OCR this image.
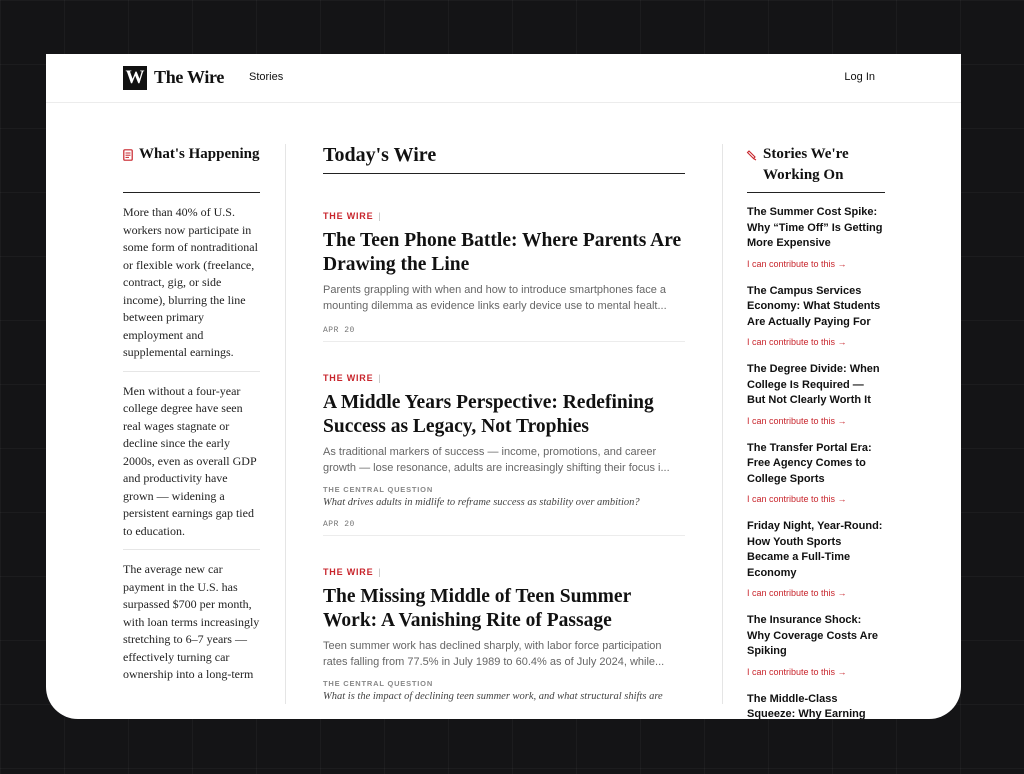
W The Wire Stories	Log In
What's Happening
More than 40% of U.S. workers now participate in some form of nontraditional or flexible work (freelance, contract, gig, or side income), blurring the line between primary employment and supplemental earnings.
Men without a four-year college degree have seen real wages stagnate or decline since the early 2000s, even as overall GDP and productivity have grown — widening a persistent earnings gap tied to education.
The average new car payment in the U.S. has surpassed $700 per month, with loan terms increasingly stretching to 6–7 years — effectively turning car ownership into a long-term
Today's Wire
THE WIRE |
The Teen Phone Battle: Where Parents Are Drawing the Line
Parents grappling with when and how to introduce smartphones face a mounting dilemma as evidence links early device use to mental healt...
APR 20
THE WIRE |
A Middle Years Perspective: Redefining Success as Legacy, Not Trophies
As traditional markers of success — income, promotions, and career growth — lose resonance, adults are increasingly shifting their focus i...
THE CENTRAL QUESTION
What drives adults in midlife to reframe success as stability over ambition?
APR 20
THE WIRE |
The Missing Middle of Teen Summer Work: A Vanishing Rite of Passage
Teen summer work has declined sharply, with labor force participation rates falling from 77.5% in July 1989 to 60.4% as of July 2024, while...
THE CENTRAL QUESTION
What is the impact of declining teen summer work, and what structural shifts are
Stories We're Working On
The Summer Cost Spike: Why “Time Off” Is Getting More Expensive
I can contribute to this →
The Campus Services Economy: What Students Are Actually Paying For
I can contribute to this →
The Degree Divide: When College Is Required — But Not Clearly Worth It
I can contribute to this →
The Transfer Portal Era: Free Agency Comes to College Sports
I can contribute to this →
Friday Night, Year-Round: How Youth Sports Became a Full-Time Economy
I can contribute to this →
The Insurance Shock: Why Coverage Costs Are Spiking
I can contribute to this →
The Middle-Class Squeeze: Why Earning
